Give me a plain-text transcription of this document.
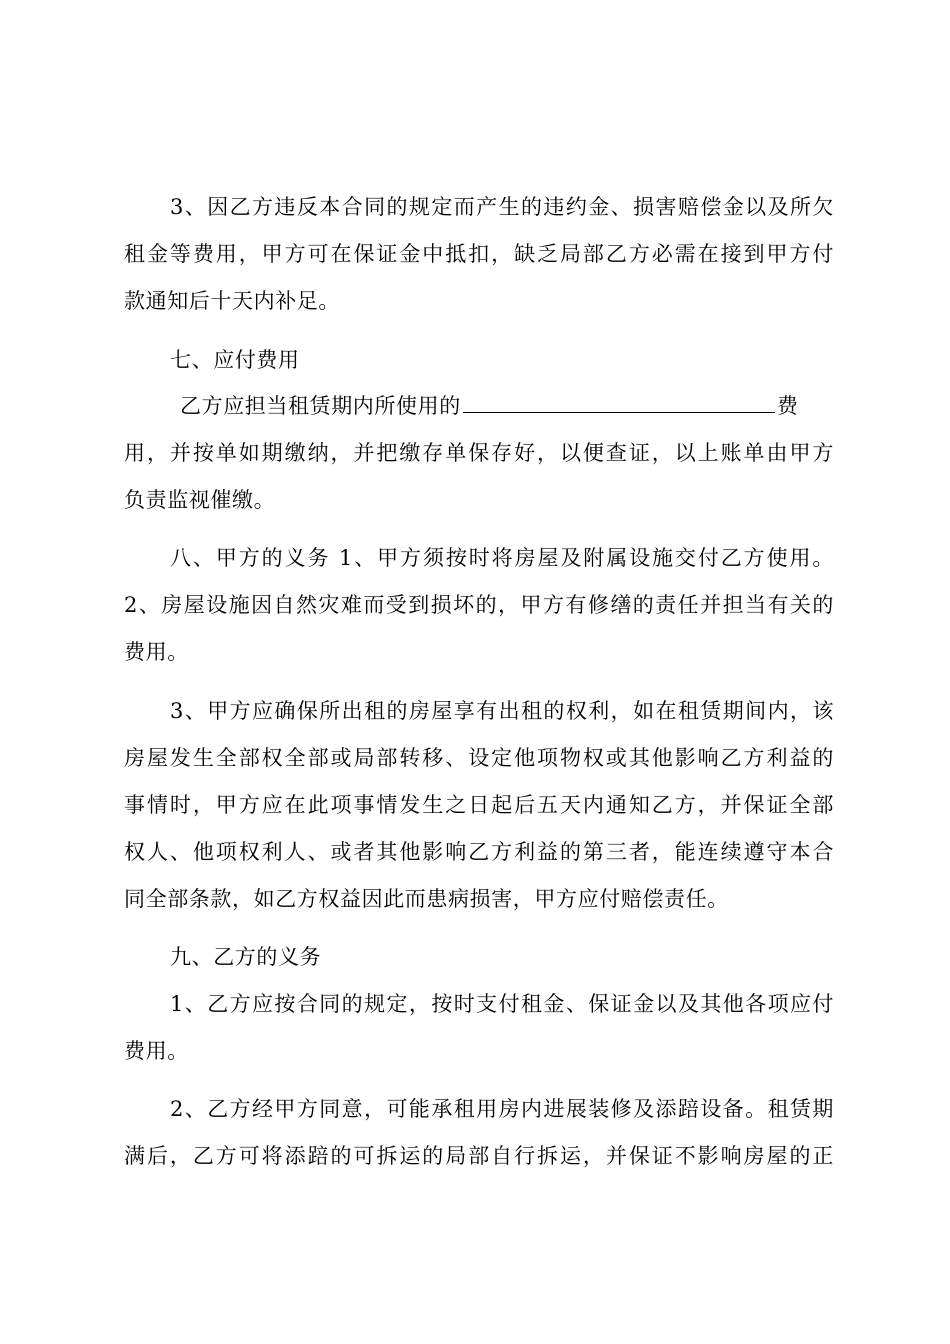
3、因乙方违反本合同的规定而产生的违约金、损害赔偿金以及所欠
租金等费用，甲方可在保证金中抵扣，缺乏局部乙方必需在接到甲方付
款通知后十天内补足。
七、应付费用
乙方应担当租赁期内所使用的	费
用，并按单如期缴纳，并把缴存单保存好，以便查证，以上账单由甲方
负责监视催缴。
八、甲方的义务 1、甲方须按时将房屋及附属设施交付乙方使用。
2、房屋设施因自然灾难而受到损坏的，甲方有修缮的责任并担当有关的
费用。
3、甲方应确保所出租的房屋享有出租的权利，如在租赁期间内，该
房屋发生全部权全部或局部转移、设定他项物权或其他影响乙方利益的
事情时，甲方应在此项事情发生之日起后五天内通知乙方，并保证全部
权人、他项权利人、或者其他影响乙方利益的第三者，能连续遵守本合
同全部条款，如乙方权益因此而患病损害，甲方应付赔偿责任。
九、乙方的义务
1、乙方应按合同的规定，按时支付租金、保证金以及其他各项应付
费用。
2、乙方经甲方同意，可能承租用房内进展装修及添踣设备。租赁期
满后，乙方可将添踣的可拆运的局部自行拆运，并保证不影响房屋的正
